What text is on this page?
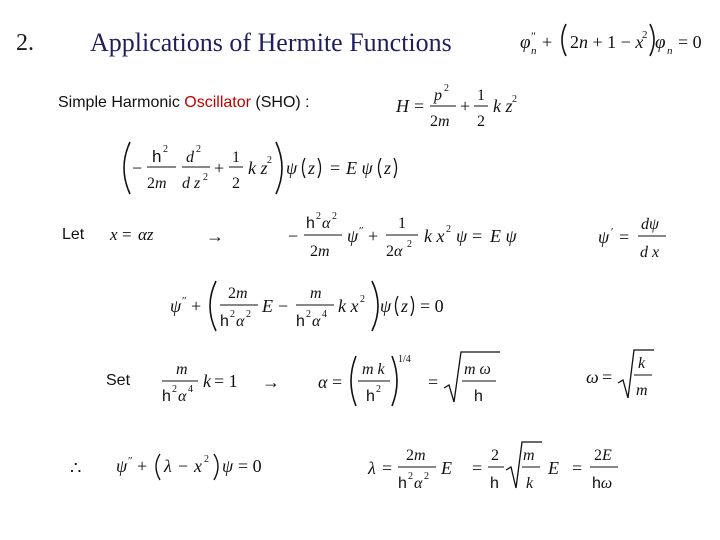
2. Applications of Hermite Functions
Simple Harmonic Oscillator (SHO) :
Let
Set
∴
φ ″
n + 2n + 1 − x
2 φ n = 0
H =
p 2
2m
+
1
2
k z 2
−
h 2
2m
d 2
d z 2 +
1
2
k z 2 ψ z = E ψ z
x = αz	→	−
h 2 α 2
2m
ψ ″ +
1
2α 2 k x 2 ψ = E ψ	ψ ′ =
dψ
d x
ψ ″ +
2m
h 2 α 2 E −
m
h 2 α 4 k x 2 ψ z = 0
m
h 2 α 4 k = 1 → α =
m k
h 2
1/4
=
m ω
h
ω =
k
m
ψ ″ + λ − x 2 ψ = 0	λ =
2m
h 2 α 2 E =
2
h
m
k
E =
2E
hω
